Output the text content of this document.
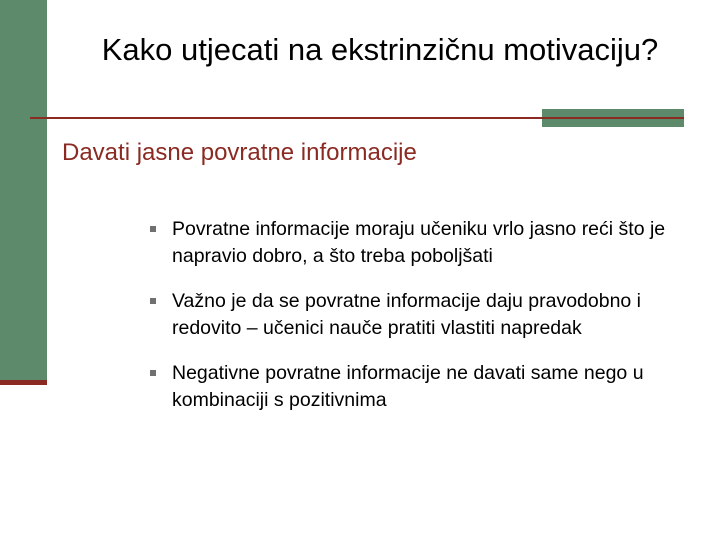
Kako utjecati na ekstrinzičnu motivaciju?
Davati jasne povratne informacije
Povratne informacije moraju učeniku vrlo jasno reći što je napravio dobro, a što treba poboljšati
Važno je da se povratne informacije daju pravodobno i redovito – učenici nauče pratiti vlastiti napredak
Negativne povratne informacije ne davati same nego u kombinaciji s pozitivnima
